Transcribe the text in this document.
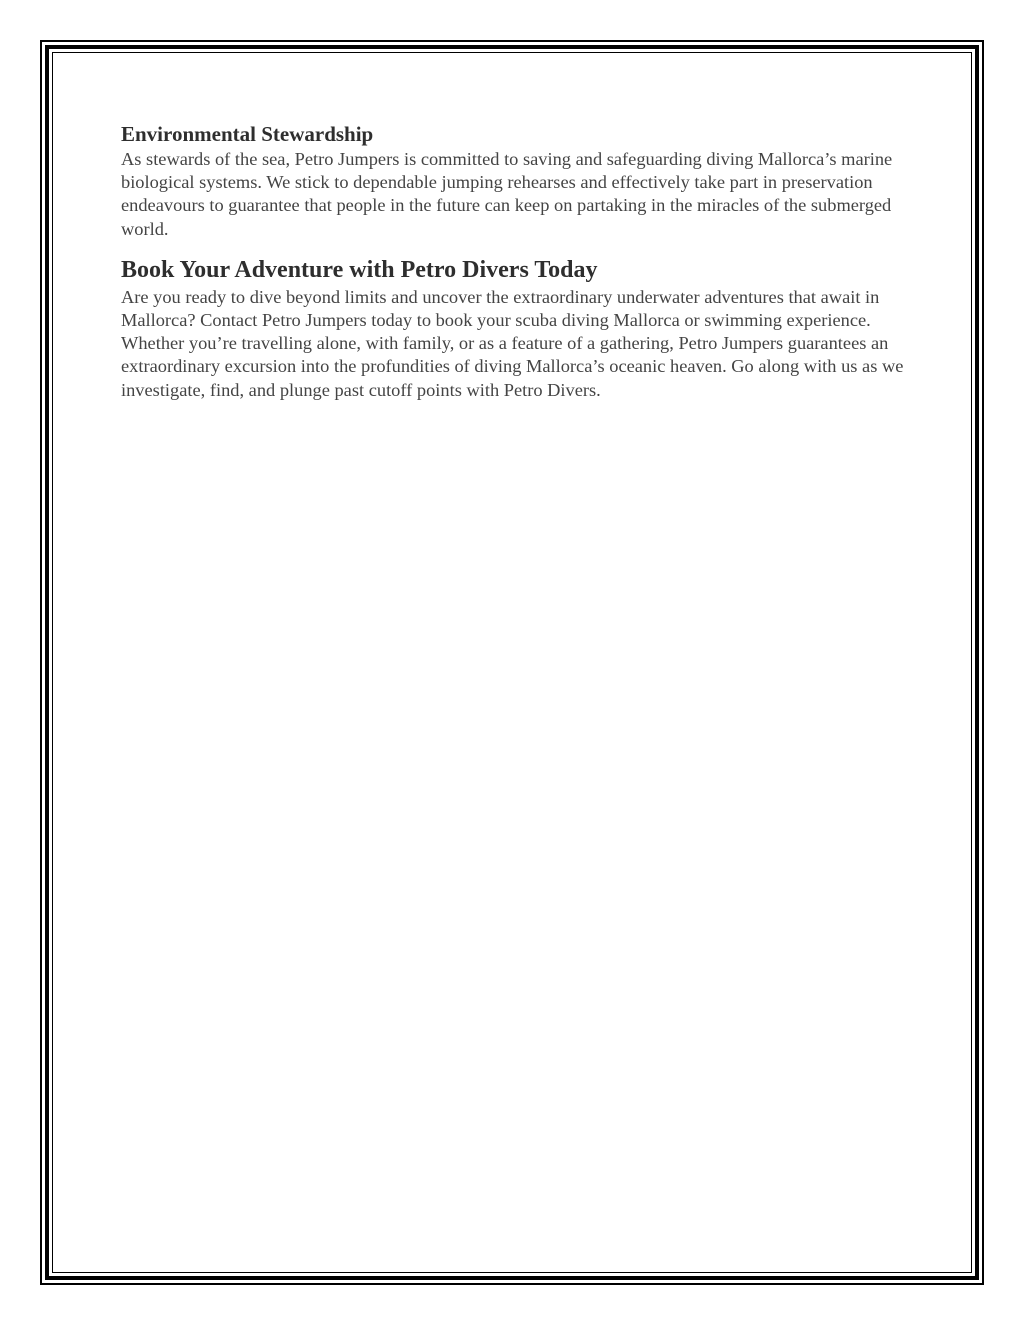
Environmental Stewardship

As stewards of the sea, Petro Jumpers is committed to saving and safeguarding diving Mallorca’s marine biological systems. We stick to dependable jumping rehearses and effectively take part in preservation endeavours to guarantee that people in the future can keep on partaking in the miracles of the submerged world.

Book Your Adventure with Petro Divers Today

Are you ready to dive beyond limits and uncover the extraordinary underwater adventures that await in Mallorca? Contact Petro Jumpers today to book your scuba diving Mallorca or swimming experience. Whether you’re travelling alone, with family, or as a feature of a gathering, Petro Jumpers guarantees an extraordinary excursion into the profundities of diving Mallorca’s oceanic heaven. Go along with us as we investigate, find, and plunge past cutoff points with Petro Divers.
